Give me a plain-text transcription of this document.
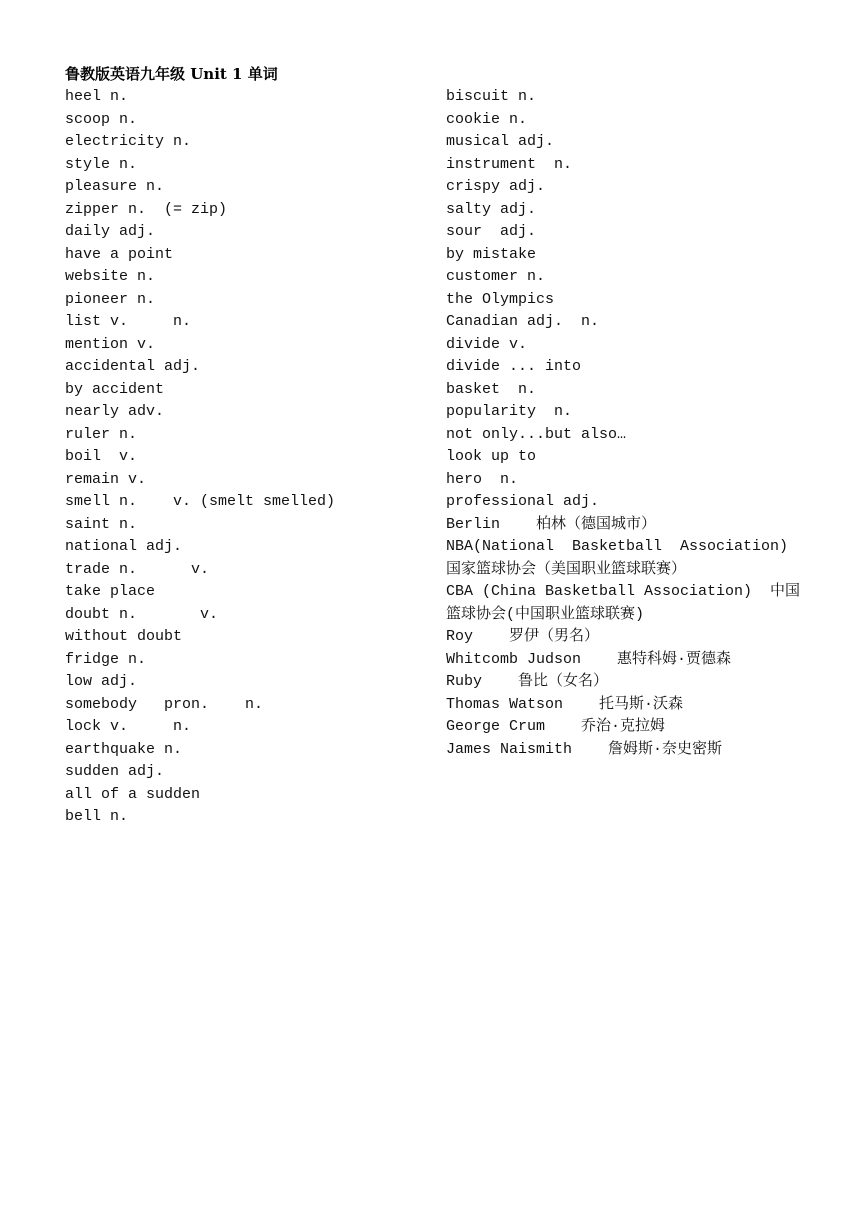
鲁教版英语九年级 Unit 1 单词
heel n.
scoop n.
electricity n.
style n.
pleasure n.
zipper n.  (= zip)
daily adj.
have a point
website n.
pioneer n.
list v.     n.
mention v.
accidental adj.
by accident
nearly adv.
ruler n.
boil  v.
remain v.
smell n.    v. (smelt smelled)
saint n.
national adj.
trade n.      v.
take place
doubt n.       v.
without doubt
fridge n.
low adj.
somebody   pron.    n.
lock v.     n.
earthquake n.
sudden adj.
all of a sudden
bell n.
biscuit n.
cookie n.
musical adj.
instrument  n.
crispy adj.
salty adj.
sour  adj.
by mistake
customer n.
the Olympics
Canadian adj.  n.
divide v.
divide ... into
basket  n.
popularity  n.
not only...but also…
look up to
hero  n.
professional adj.
Berlin    柏林（德国城市）
NBA(National  Basketball  Association)
国家篮球协会（美国职业篮球联赛）
CBA (China Basketball Association)  中国
篮球协会(中国职业篮球联赛)
Roy    罗伊（男名）
Whitcomb Judson    惠特科姆·贾德森
Ruby    鲁比（女名）
Thomas Watson    托马斯·沃森
George Crum    乔治·克拉姆
James Naismith    詹姆斯·奈史密斯
